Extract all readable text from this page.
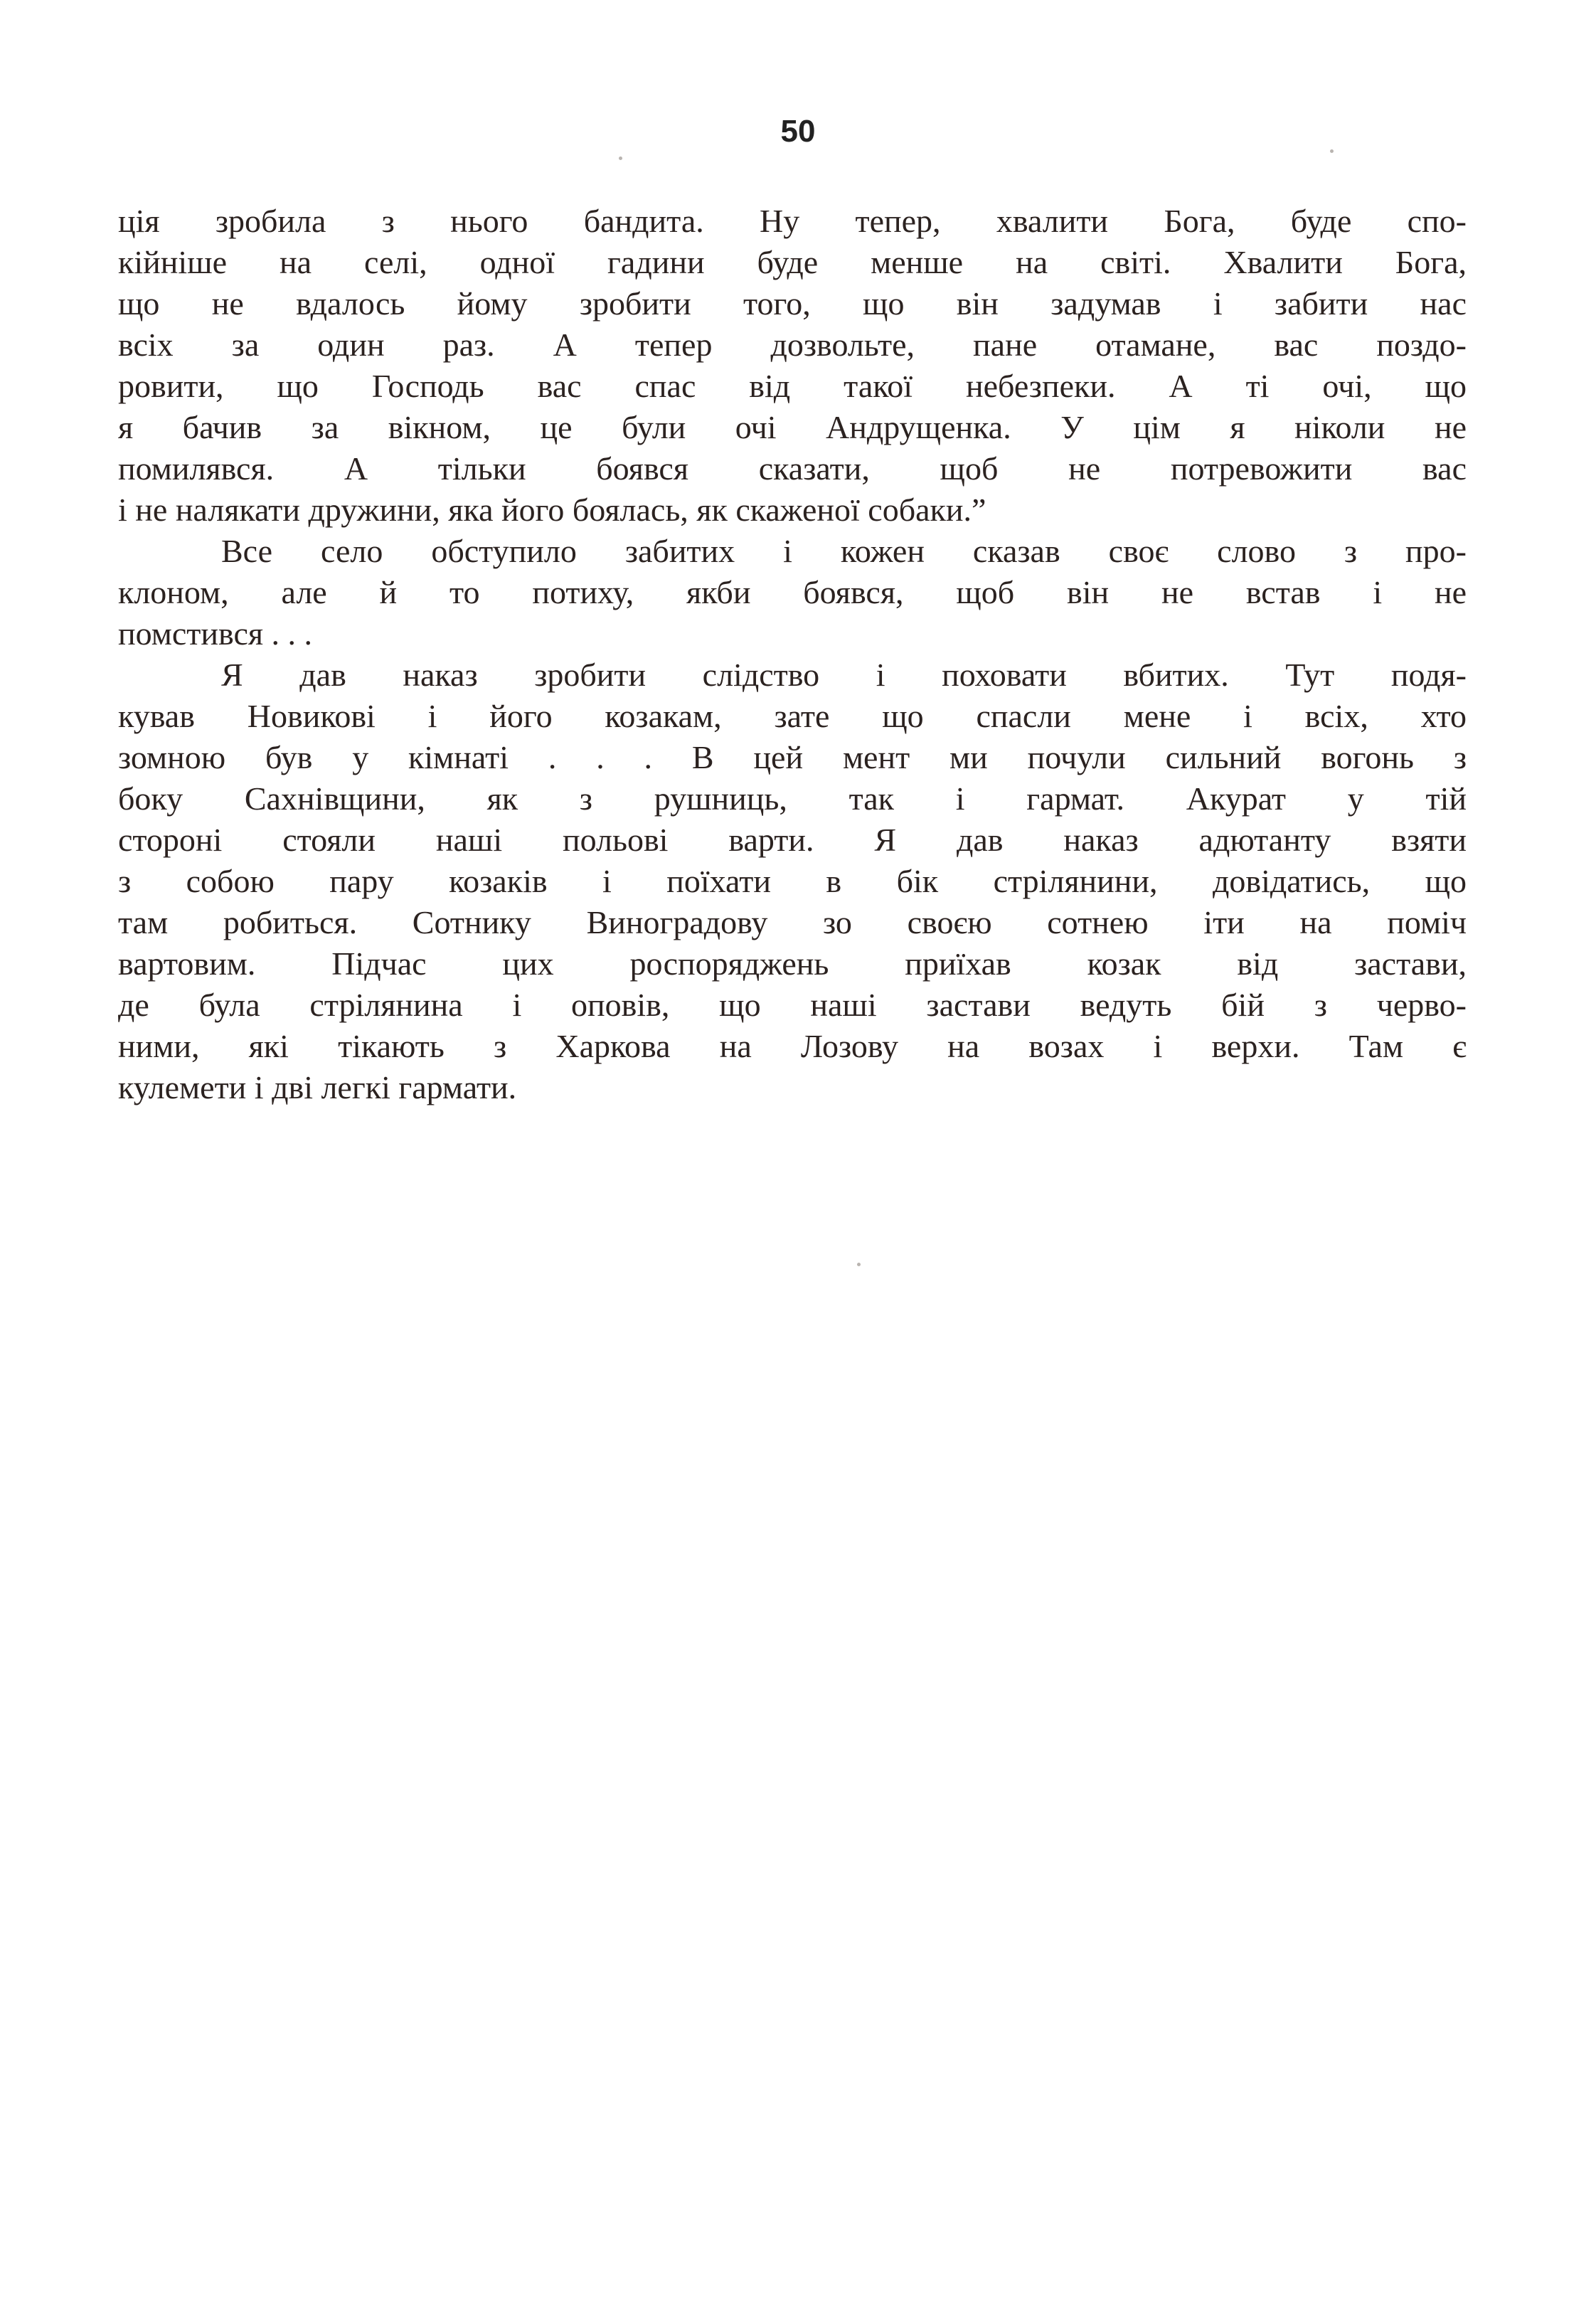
50
ція зробила з нього бандита. Ну тепер, хвалити Бога, буде спо-
кійніше на селі, одної гадини буде менше на світі. Хвалити Бога,
що не вдалось йому зробити того, що він задумав і забити нас
всіх за один раз. А тепер дозвольте, пане отамане, вас поздо-
ровити, що Господь вас спас від такої небезпеки. А ті очі, що
я бачив за вікном, це були очі Андрущенка. У цім я ніколи не
помилявся. А тільки боявся сказати, щоб не потревожити вас
і не налякати дружини, яка його боялась, як скаженої собаки.”
Все село обступило забитих і кожен сказав своє слово з про-
клоном, але й то потиху, якби боявся, щоб він не встав і не
помстився . . .
Я дав наказ зробити слідство і поховати вбитих. Тут подя-
кував Новикові і його козакам, зате що спасли мене і всіх, хто
зомною був у кімнаті . . . В цей мент ми почули сильний вогонь з
боку Сахнівщини, як з рушниць, так і гармат. Акурат у тій
стороні стояли наші польові варти. Я дав наказ адютанту взяти
з собою пару козаків і поїхати в бік стрілянини, довідатись, що
там робиться. Сотнику Виноградову зо своєю сотнею іти на поміч
вартовим. Підчас цих роспоряджень приїхав козак від застави,
де була стрілянина і оповів, що наші застави ведуть бій з черво-
ними, які тікають з Харкова на Лозову на возах і верхи. Там є
кулемети і дві легкі гармати.
